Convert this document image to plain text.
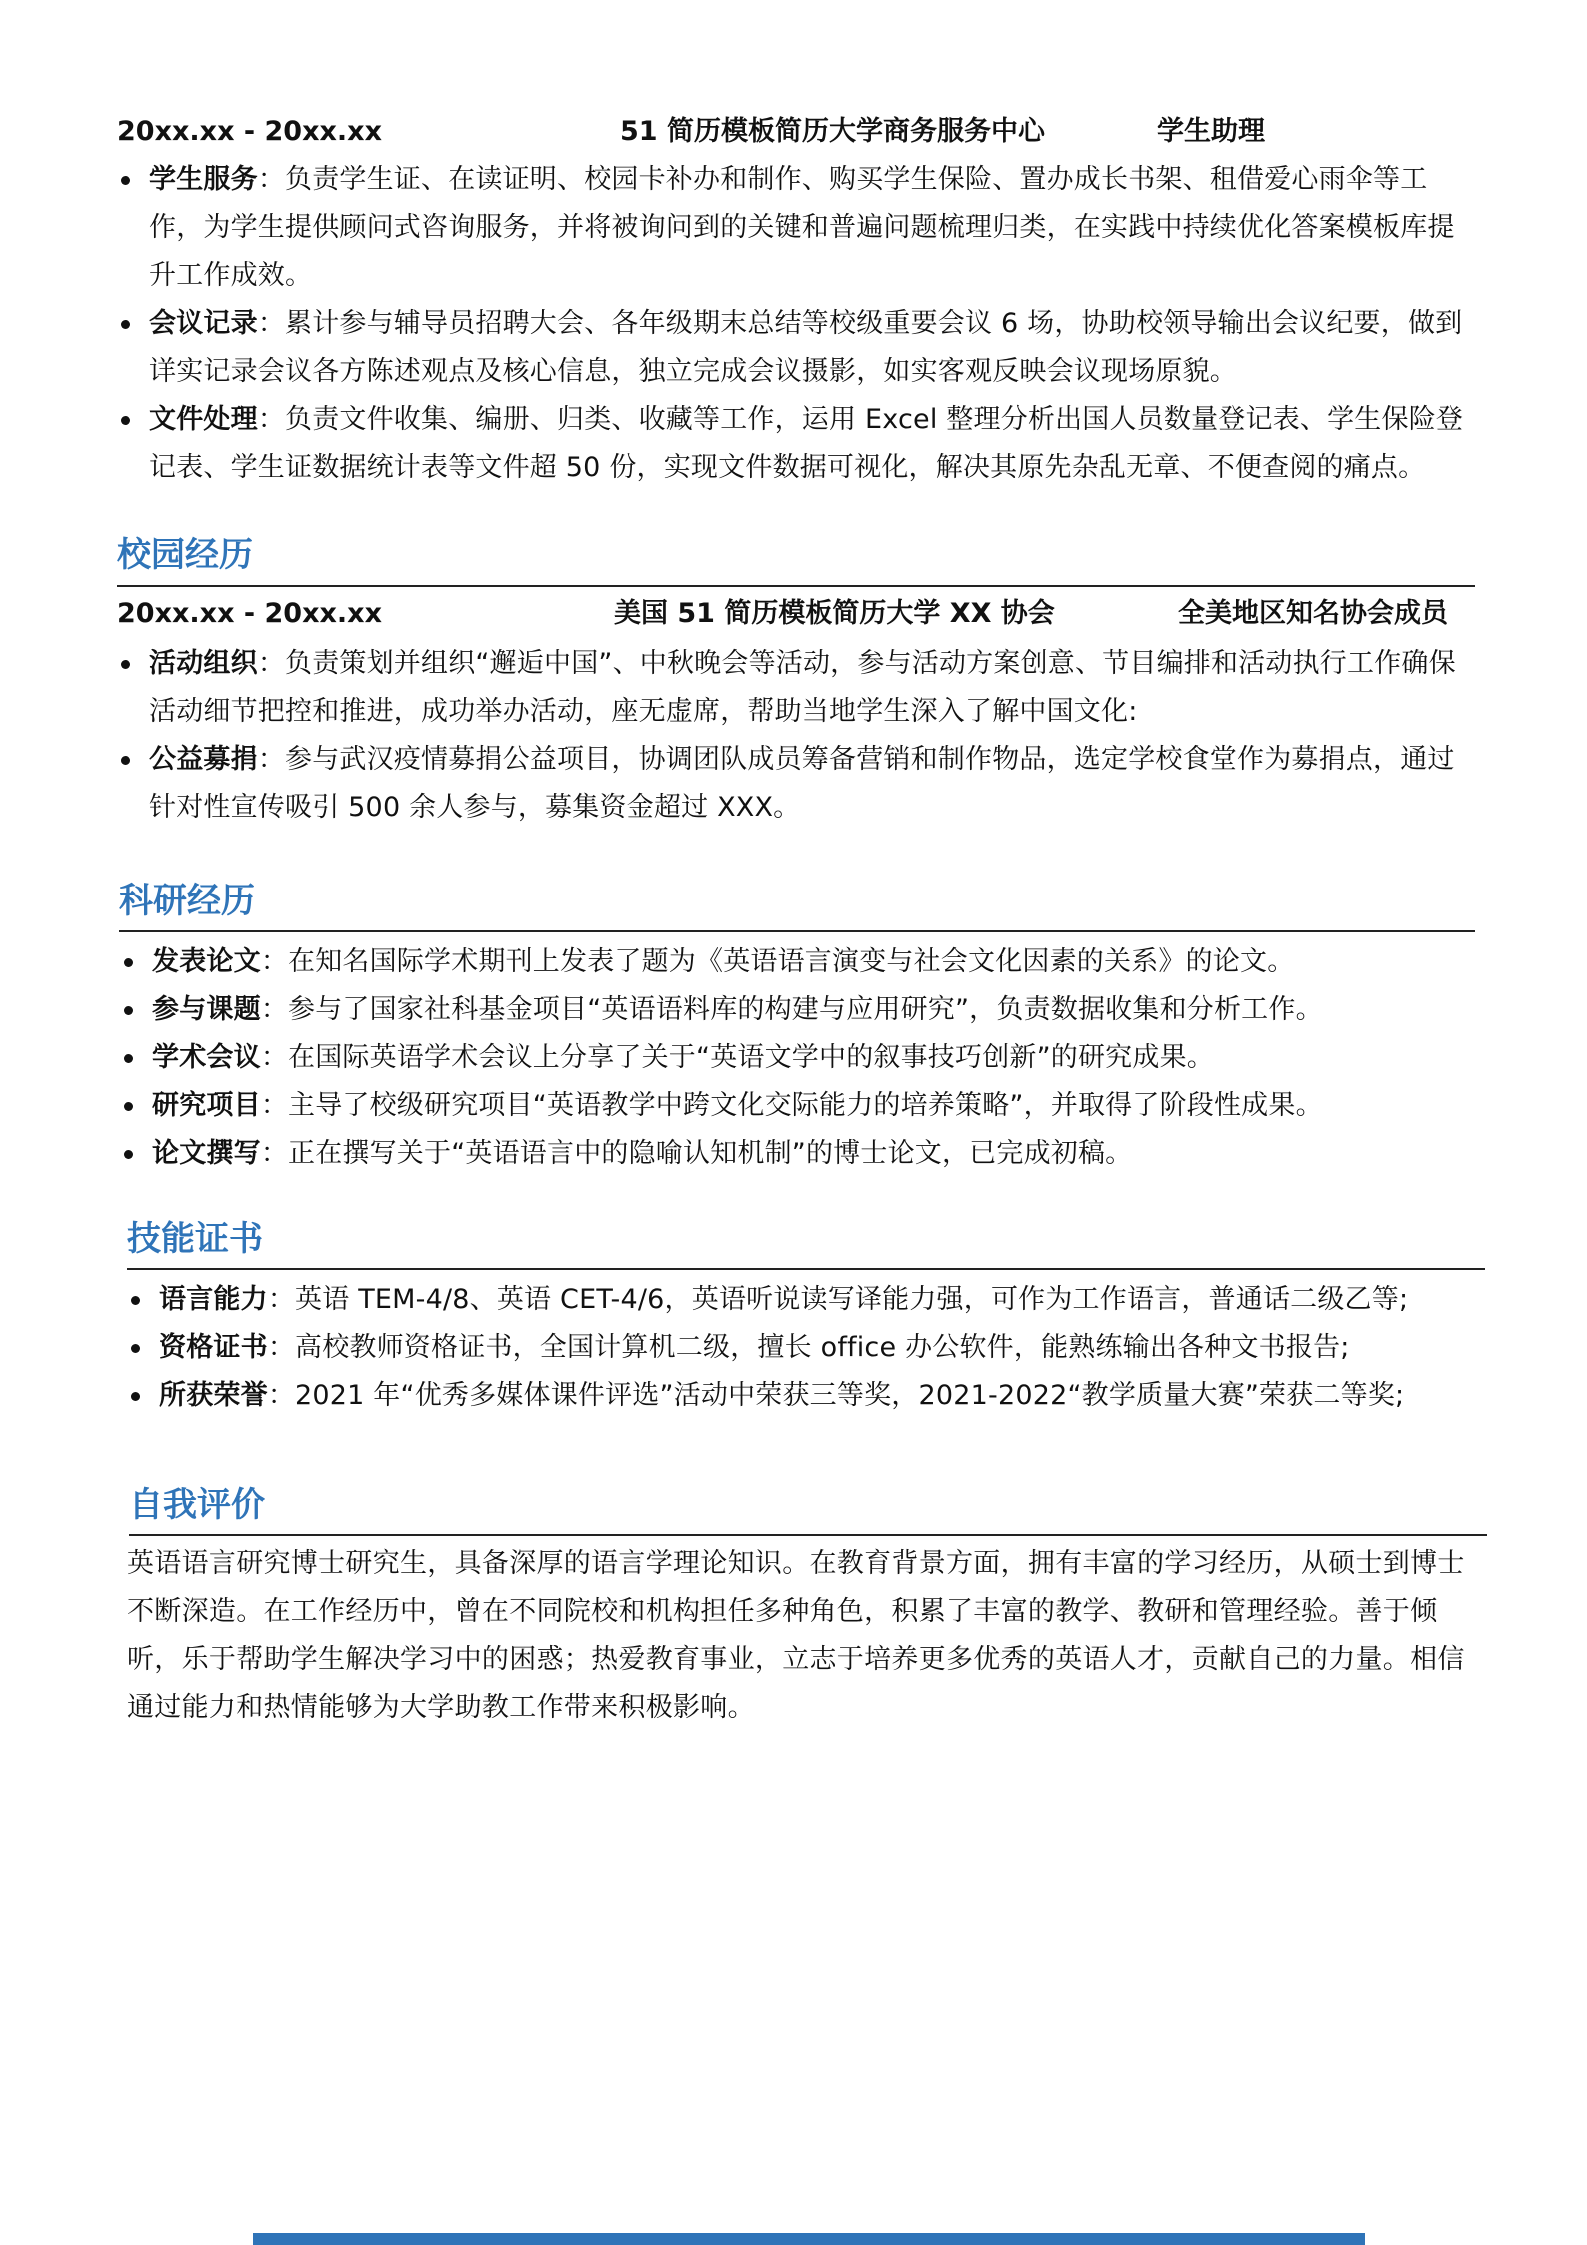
20xx.xx - 20xx.xx	51 简历模板简历大学商务服务中心	学生助理
学生服务：负责学生证、在读证明、校园卡补办和制作、购买学生保险、置办成长书架、租借爱心雨伞等工作，为学生提供顾问式咨询服务，并将被询问到的关键和普遍问题梳理归类，在实践中持续优化答案模板库提升工作成效。
会议记录：累计参与辅导员招聘大会、各年级期末总结等校级重要会议 6 场，协助校领导输出会议纪要，做到详实记录会议各方陈述观点及核心信息，独立完成会议摄影，如实客观反映会议现场原貌。
文件处理：负责文件收集、编册、归类、收藏等工作，运用 Excel 整理分析出国人员数量登记表、学生保险登记表、学生证数据统计表等文件超 50 份，实现文件数据可视化，解决其原先杂乱无章、不便查阅的痛点。
校园经历
20xx.xx - 20xx.xx	美国 51 简历模板简历大学 XX 协会	全美地区知名协会成员
活动组织：负责策划并组织“邂逅中国”、中秋晚会等活动，参与活动方案创意、节目编排和活动执行工作确保活动细节把控和推进，成功举办活动，座无虚席，帮助当地学生深入了解中国文化:
公益募捐：参与武汉疫情募捐公益项目，协调团队成员筹备营销和制作物品，选定学校食堂作为募捐点，通过针对性宣传吸引 500 余人参与，募集资金超过 XXX。
科研经历
发表论文：在知名国际学术期刊上发表了题为《英语语言演变与社会文化因素的关系》的论文。
参与课题：参与了国家社科基金项目“英语语料库的构建与应用研究”，负责数据收集和分析工作。
学术会议：在国际英语学术会议上分享了关于“英语文学中的叙事技巧创新”的研究成果。
研究项目：主导了校级研究项目“英语教学中跨文化交际能力的培养策略”，并取得了阶段性成果。
论文撰写：正在撰写关于“英语语言中的隐喻认知机制”的博士论文，已完成初稿。
技能证书
语言能力：英语 TEM-4/8、英语 CET-4/6，英语听说读写译能力强，可作为工作语言，普通话二级乙等;
资格证书：高校教师资格证书，全国计算机二级，擅长 office 办公软件，能熟练输出各种文书报告;
所获荣誉：2021 年“优秀多媒体课件评选”活动中荣获三等奖，2021-2022“教学质量大赛”荣获二等奖;
自我评价

英语语言研究博士研究生，具备深厚的语言学理论知识。在教育背景方面，拥有丰富的学习经历，从硕士到博士不断深造。在工作经历中，曾在不同院校和机构担任多种角色，积累了丰富的教学、教研和管理经验。善于倾听，乐于帮助学生解决学习中的困惑；热爱教育事业，立志于培养更多优秀的英语人才，贡献自己的力量。相信通过能力和热情能够为大学助教工作带来积极影响。
